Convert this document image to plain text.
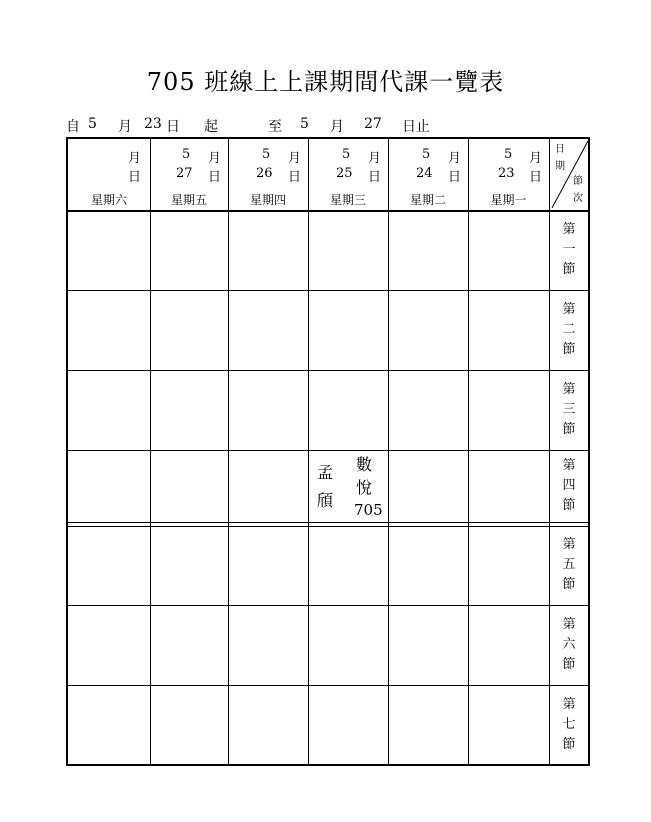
705 班線上上課期間代課一覽表
自 5 月 23 日 起	至 5 月 27 日止
日
期
節
次
月
日
星期六
5 月
27 日
星期五
5 月
26 日
星期四
5 月
25 日
星期三
5 月
24 日
星期二
5 月
23 日
星期一
第
一
節
第
二
節
第
三
節
第
四
節
第
五
節
第
六
節
第
七
節
孟
頎
數
悅
705
